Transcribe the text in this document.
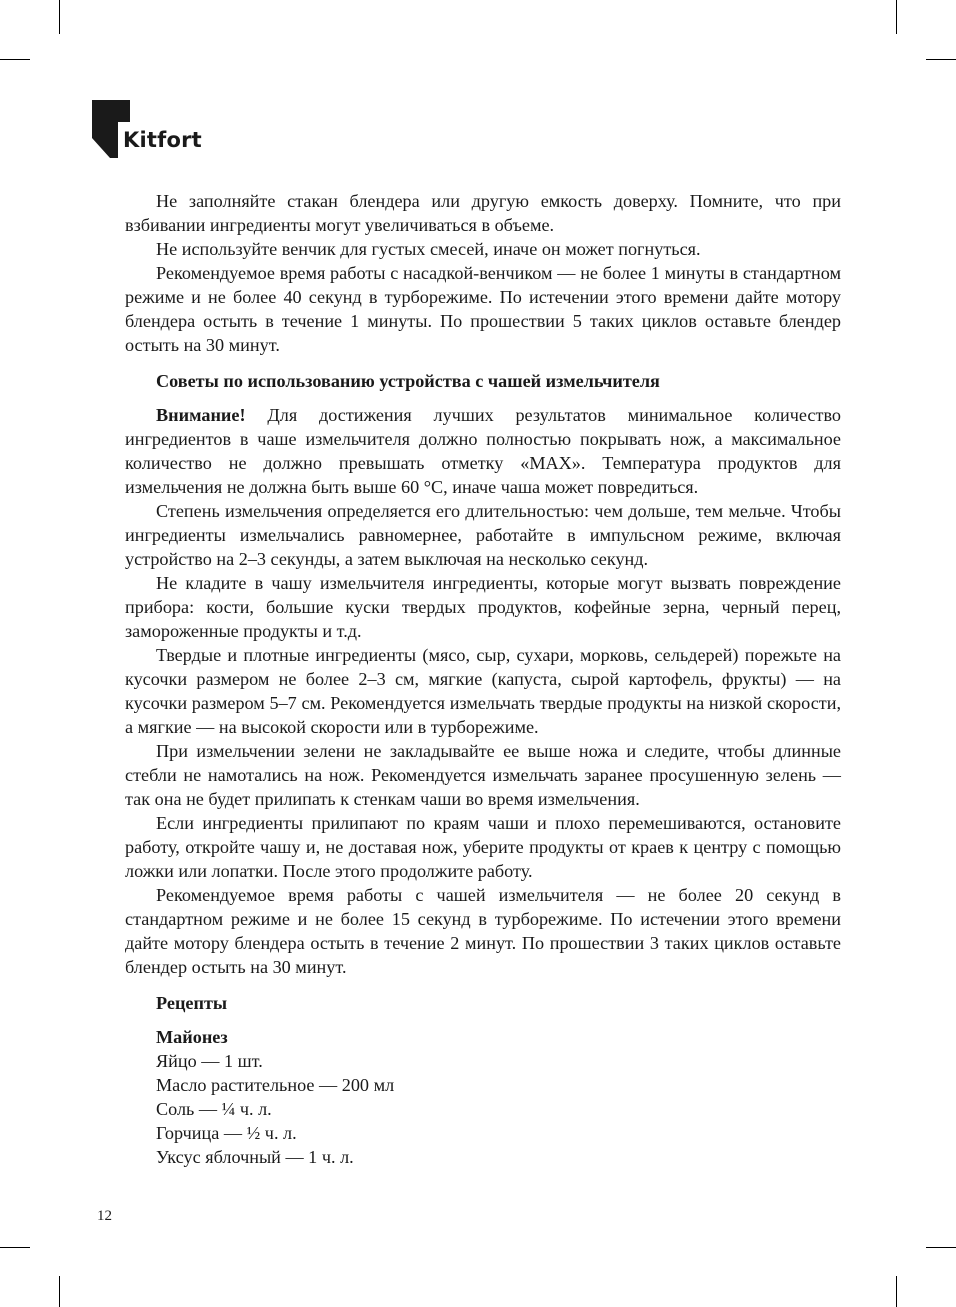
Kitfort

Не заполняйте стакан блендера или другую емкость доверху. Помните, что при взбивании ингредиенты могут увеличиваться в объеме.

Не используйте венчик для густых смесей, иначе он может погнуться.

Рекомендуемое время работы с насадкой-венчиком — не более 1 минуты в стандартном режиме и не более 40 секунд в турборежиме. По истечении этого времени дайте мотору блендера остыть в течение 1 минуты. По прошествии 5 таких циклов оставьте блендер остыть на 30 минут.

Советы по использованию устройства с чашей измельчителя

Внимание! Для достижения лучших результатов минимальное количество ингредиентов в чаше измельчителя должно полностью покрывать нож, а максимальное количество не должно превышать отметку «MAX». Температура продуктов для измельчения не должна быть выше 60 °С, иначе чаша может повредиться.

Степень измельчения определяется его длительностью: чем дольше, тем мельче. Чтобы ингредиенты измельчались равномернее, работайте в импульсном режиме, включая устройство на 2–3 секунды, а затем выключая на несколько секунд.

Не кладите в чашу измельчителя ингредиенты, которые могут вызвать повреждение прибора: кости, большие куски твердых продуктов, кофейные зерна, черный перец, замороженные продукты и т.д.

Твердые и плотные ингредиенты (мясо, сыр, сухари, морковь, сельдерей) порежьте на кусочки размером не более 2–3 см, мягкие (капуста, сырой картофель, фрукты) — на кусочки размером 5–7 см. Рекомендуется измельчать твердые продукты на низкой скорости, а мягкие — на высокой скорости или в турборежиме.

При измельчении зелени не закладывайте ее выше ножа и следите, чтобы длинные стебли не намотались на нож. Рекомендуется измельчать заранее просушенную зелень — так она не будет прилипать к стенкам чаши во время измельчения.

Если ингредиенты прилипают по краям чаши и плохо перемешиваются, остановите работу, откройте чашу и, не доставая нож, уберите продукты от краев к центру с помощью ложки или лопатки. После этого продолжите работу.

Рекомендуемое время работы с чашей измельчителя — не более 20 секунд в стандартном режиме и не более 15 секунд в турборежиме. По истечении этого времени дайте мотору блендера остыть в течение 2 минут. По прошествии 3 таких циклов оставьте блендер остыть на 30 минут.

Рецепты
Майонез
Яйцо — 1 шт.
Масло растительное — 200 мл
Соль — ¼ ч. л.
Горчица — ½ ч. л.
Уксус яблочный — 1 ч. л.
12
